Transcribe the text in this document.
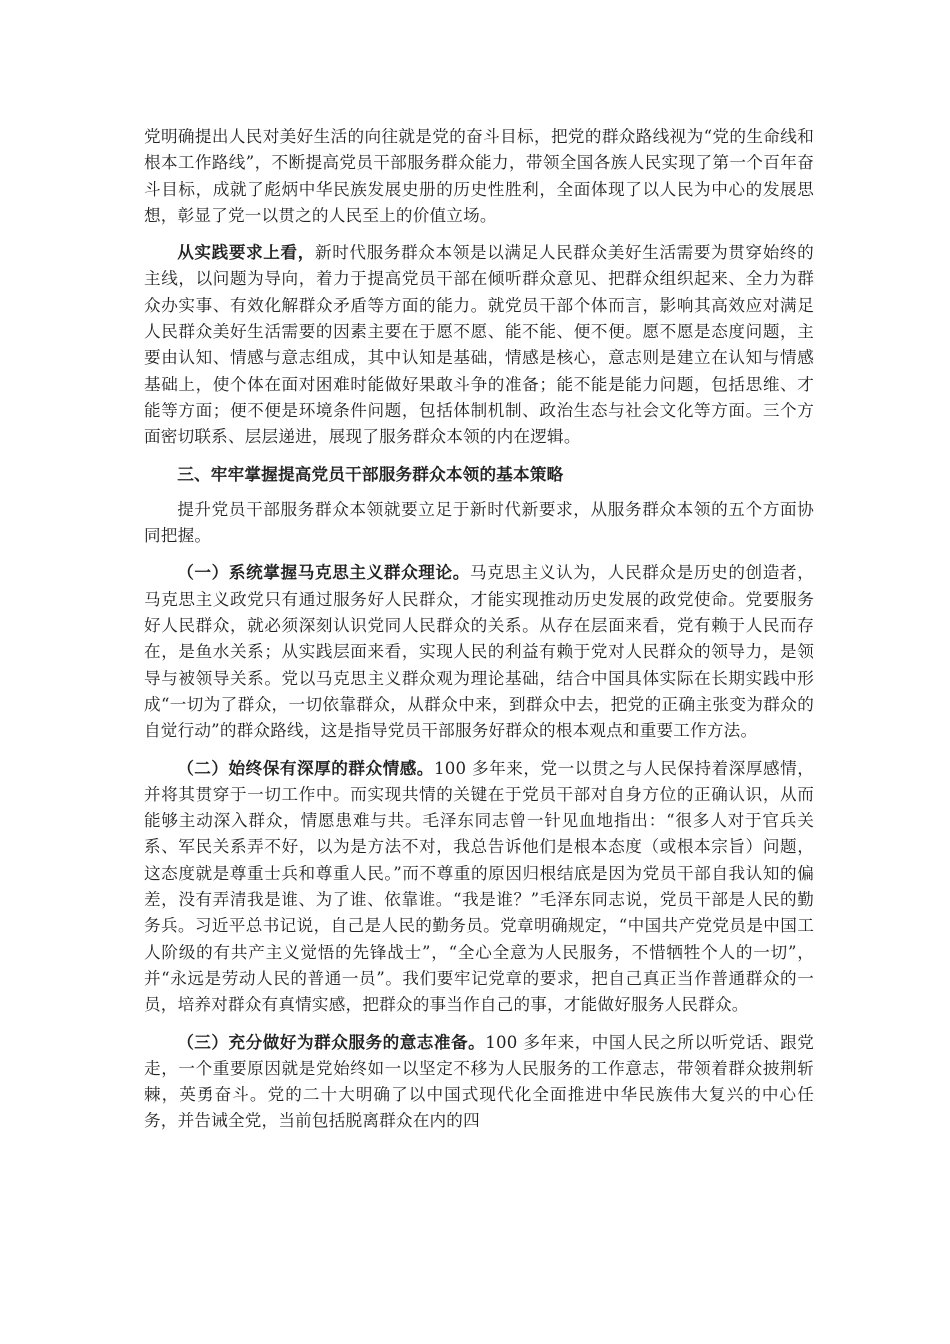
党明确提出人民对美好生活的向往就是党的奋斗目标，把党的群众路线视为“党的生命线和根本工作路线”，不断提高党员干部服务群众能力，带领全国各族人民实现了第一个百年奋斗目标，成就了彪炳中华民族发展史册的历史性胜利，全面体现了以人民为中心的发展思想，彰显了党一以贯之的人民至上的价值立场。

从实践要求上看，新时代服务群众本领是以满足人民群众美好生活需要为贯穿始终的主线，以问题为导向，着力于提高党员干部在倾听群众意见、把群众组织起来、全力为群众办实事、有效化解群众矛盾等方面的能力。就党员干部个体而言，影响其高效应对满足人民群众美好生活需要的因素主要在于愿不愿、能不能、便不便。愿不愿是态度问题，主要由认知、情感与意志组成，其中认知是基础，情感是核心，意志则是建立在认知与情感基础上，使个体在面对困难时能做好果敢斗争的准备；能不能是能力问题，包括思维、才能等方面；便不便是环境条件问题，包括体制机制、政治生态与社会文化等方面。三个方面密切联系、层层递进，展现了服务群众本领的内在逻辑。

三、牢牢掌握提高党员干部服务群众本领的基本策略

提升党员干部服务群众本领就要立足于新时代新要求，从服务群众本领的五个方面协同把握。

（一）系统掌握马克思主义群众理论。马克思主义认为，人民群众是历史的创造者，马克思主义政党只有通过服务好人民群众，才能实现推动历史发展的政党使命。党要服务好人民群众，就必须深刻认识党同人民群众的关系。从存在层面来看，党有赖于人民而存在，是鱼水关系；从实践层面来看，实现人民的利益有赖于党对人民群众的领导力，是领导与被领导关系。党以马克思主义群众观为理论基础，结合中国具体实际在长期实践中形成“一切为了群众，一切依靠群众，从群众中来，到群众中去，把党的正确主张变为群众的自觉行动”的群众路线，这是指导党员干部服务好群众的根本观点和重要工作方法。

（二）始终保有深厚的群众情感。100 多年来，党一以贯之与人民保持着深厚感情，并将其贯穿于一切工作中。而实现共情的关键在于党员干部对自身方位的正确认识，从而能够主动深入群众，情愿患难与共。毛泽东同志曾一针见血地指出：“很多人对于官兵关系、军民关系弄不好，以为是方法不对，我总告诉他们是根本态度（或根本宗旨）问题，这态度就是尊重士兵和尊重人民。”而不尊重的原因归根结底是因为党员干部自我认知的偏差，没有弄清我是谁、为了谁、依靠谁。“我是谁？”毛泽东同志说，党员干部是人民的勤务兵。习近平总书记说，自己是人民的勤务员。党章明确规定，“中国共产党党员是中国工人阶级的有共产主义觉悟的先锋战士”，“全心全意为人民服务，不惜牺牲个人的一切”，并“永远是劳动人民的普通一员”。我们要牢记党章的要求，把自己真正当作普通群众的一员，培养对群众有真情实感，把群众的事当作自己的事，才能做好服务人民群众。

（三）充分做好为群众服务的意志准备。100 多年来，中国人民之所以听党话、跟党走，一个重要原因就是党始终如一以坚定不移为人民服务的工作意志，带领着群众披荆斩棘，英勇奋斗。党的二十大明确了以中国式现代化全面推进中华民族伟大复兴的中心任务，并告诫全党，当前包括脱离群众在内的四
